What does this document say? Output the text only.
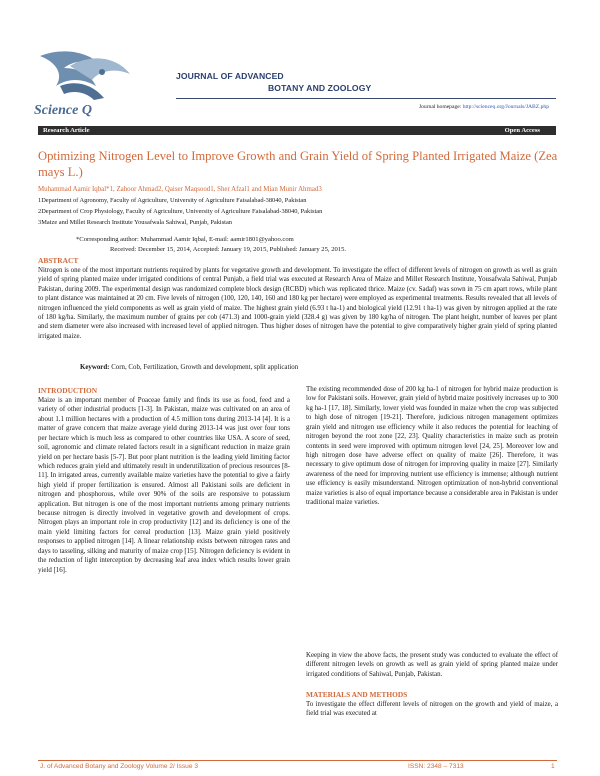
Science Q
JOURNAL OF ADVANCED
BOTANY AND ZOOLOGY
Journal homepage: http://scienceq.org/Journals/JABZ.php
Research Article	Open Access
Optimizing Nitrogen Level to Improve Growth and Grain Yield of Spring Planted Irrigated Maize (Zea mays L.)
Muhammad Aamir Iqbal*1, Zahoor Ahmad2, Qaiser Maqsood1, Sher Afzal1 and Mian Munir Ahmad3
1Department of Agronomy, Faculty of Agriculture, University of Agriculture Faisalabad-38040, Pakistan
2Department of Crop Physiology, Faculty of Agriculture, University of Agriculture Faisalabad-38040, Pakistan
3Maize and Millet Research Institute Yousafwala Sahiwal, Punjab, Pakistan
*Corresponding author: Muhammad Aamir Iqbal, E-mail: aamir1801@yahoo.com
Received: December 15, 2014, Accepted: January 19, 2015, Published: January 25, 2015.
ABSTRACT

Nitrogen is one of the most important nutrients required by plants for vegetative growth and development. To investigate the effect of different levels of nitrogen on growth as well as grain yield of spring planted maize under irrigated conditions of central Punjab, a field trial was executed at Research Area of Maize and Millet Research Institute, Yousafwala Sahiwal, Punjab Pakistan, during 2009. The experimental design was randomized complete block design (RCBD) which was replicated thrice. Maize (cv. Sadaf) was sown in 75 cm apart rows, while plant to plant distance was maintained at 20 cm. Five levels of nitrogen (100, 120, 140, 160 and 180 kg per hectare) were employed as experimental treatments. Results revealed that all levels of nitrogen influenced the yield components as well as grain yield of maize. The highest grain yield (6.93 t ha-1) and biological yield (12.91 t ha-1) was given by nitrogen applied at the rate of 180 kg/ha. Similarly, the maximum number of grains per cob (471.3) and 1000-grain yield (328.4 g) was given by 180 kg/ha of nitrogen. The plant height, number of leaves per plant and stem diameter were also increased with increased level of applied nitrogen. Thus higher doses of nitrogen have the potential to give comparatively higher grain yield of spring planted irrigated maize.

Keyword: Corn, Cob, Fertilization, Growth and development, split application
INTRODUCTION

Maize is an important member of Poaceae family and finds its use as food, feed and a variety of other industrial products [1-3]. In Pakistan, maize was cultivated on an area of about 1.1 million hectares with a production of 4.5 million tons during 2013-14 [4]. It is a matter of grave concern that maize average yield during 2013-14 was just over four tons per hectare which is much less as compared to other countries like USA. A score of seed, soil, agronomic and climate related factors result in a significant reduction in maize grain yield on per hectare basis [5-7]. But poor plant nutrition is the leading yield limiting factor which reduces grain yield and ultimately result in underutilization of precious resources [8-11]. In irrigated areas, currently available maize varieties have the potential to give a fairly high yield if proper fertilization is ensured. Almost all Pakistani soils are deficient in nitrogen and phosphorous, while over 90% of the soils are responsive to potassium application. But nitrogen is one of the most important nutrients among primary nutrients because nitrogen is directly involved in vegetative growth and development of crops. Nitrogen plays an important role in crop productivity [12] and its deficiency is one of the main yield limiting factors for cereal production [13]. Maize grain yield positively responses to applied nitrogen [14]. A linear relationship exists between nitrogen rates and days to tasseling, silking and maturity of maize crop [15]. Nitrogen deficiency is evident in the reduction of light interception by decreasing leaf area index which results lower grain yield [16].

The existing recommended dose of 200 kg ha-1 of nitrogen for hybrid maize production is low for Pakistani soils. However, grain yield of hybrid maize positively increases up to 300 kg ha-1 [17, 18]. Similarly, lower yield was founded in maize when the crop was subjected to high dose of nitrogen [19-21]. Therefore, judicious nitrogen management optimizes grain yield and nitrogen use efficiency while it also reduces the potential for leaching of nitrogen beyond the root zone [22, 23]. Quality characteristics in maize such as protein contents in seed were improved with optimum nitrogen level [24, 25]. Moreover low and high nitrogen dose have adverse effect on quality of maize [26]. Therefore, it was necessary to give optimum dose of nitrogen for improving quality in maize [27]. Similarly awareness of the need for improving nutrient use efficiency is immense; although nutrient use efficiency is easily misunderstand. Nitrogen optimization of non-hybrid conventional maize varieties is also of equal importance because a considerable area in Pakistan is under traditional maize varieties.

Keeping in view the above facts, the present study was conducted to evaluate the effect of different nitrogen levels on growth as well as grain yield of spring planted maize under irrigated conditions of Sahiwal, Punjab, Pakistan.

MATERIALS AND METHODS

To investigate the effect different levels of nitrogen on the growth and yield of maize, a field trial was executed at

J. of Advanced Botany and Zoology Volume 2/ Issue 3	ISSN: 2348 – 7313	1
